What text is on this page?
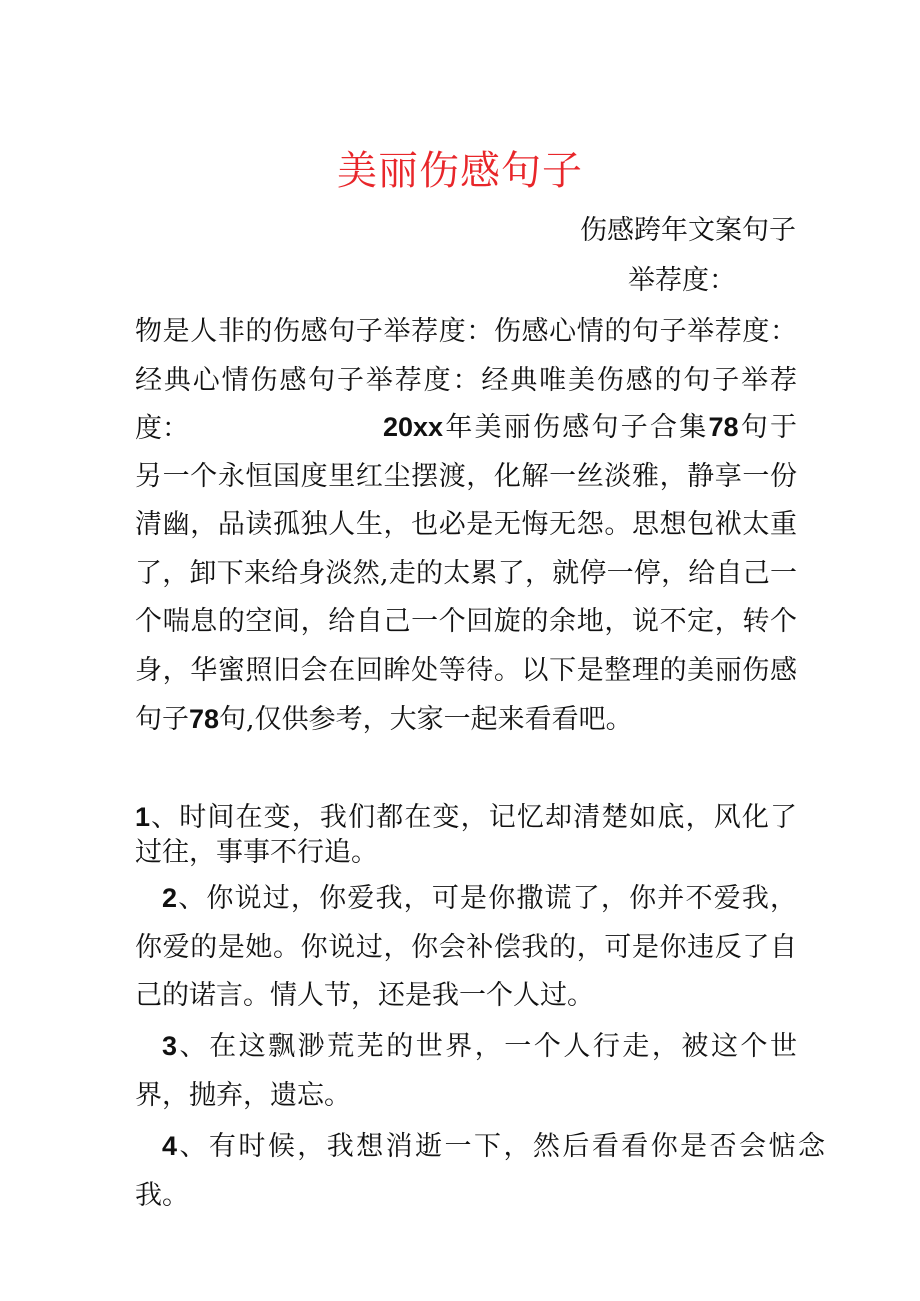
美丽伤感句子
伤感跨年文案句子
举荐度：
物是人非的伤感句子举荐度：伤感心情的句子举荐度：经典心情伤感句子举荐度：经典唯美伤感的句子举荐度：	20xx年美丽伤感句子合集78句于另一个永恒国度里红尘摆渡，化解一丝淡雅，静享一份清幽，品读孤独人生，也必是无悔无怨。思想包袱太重了，卸下来给身淡然,走的太累了，就停一停，给自己一个喘息的空间，给自己一个回旋的余地，说不定，转个身，华蜜照旧会在回眸处等待。以下是整理的美丽伤感句子78句,仅供参考，大家一起来看看吧。
1、时间在变，我们都在变，记忆却清楚如底，风化了过往，事事不行追。
2、你说过，你爱我，可是你撒谎了，你并不爱我，你爱的是她。你说过，你会补偿我的，可是你违反了自己的诺言。情人节，还是我一个人过。
3、在这飘渺荒芜的世界，一个人行走，被这个世界，抛弃，遗忘。
4、有时候，我想消逝一下，然后看看你是否会惦念我。
